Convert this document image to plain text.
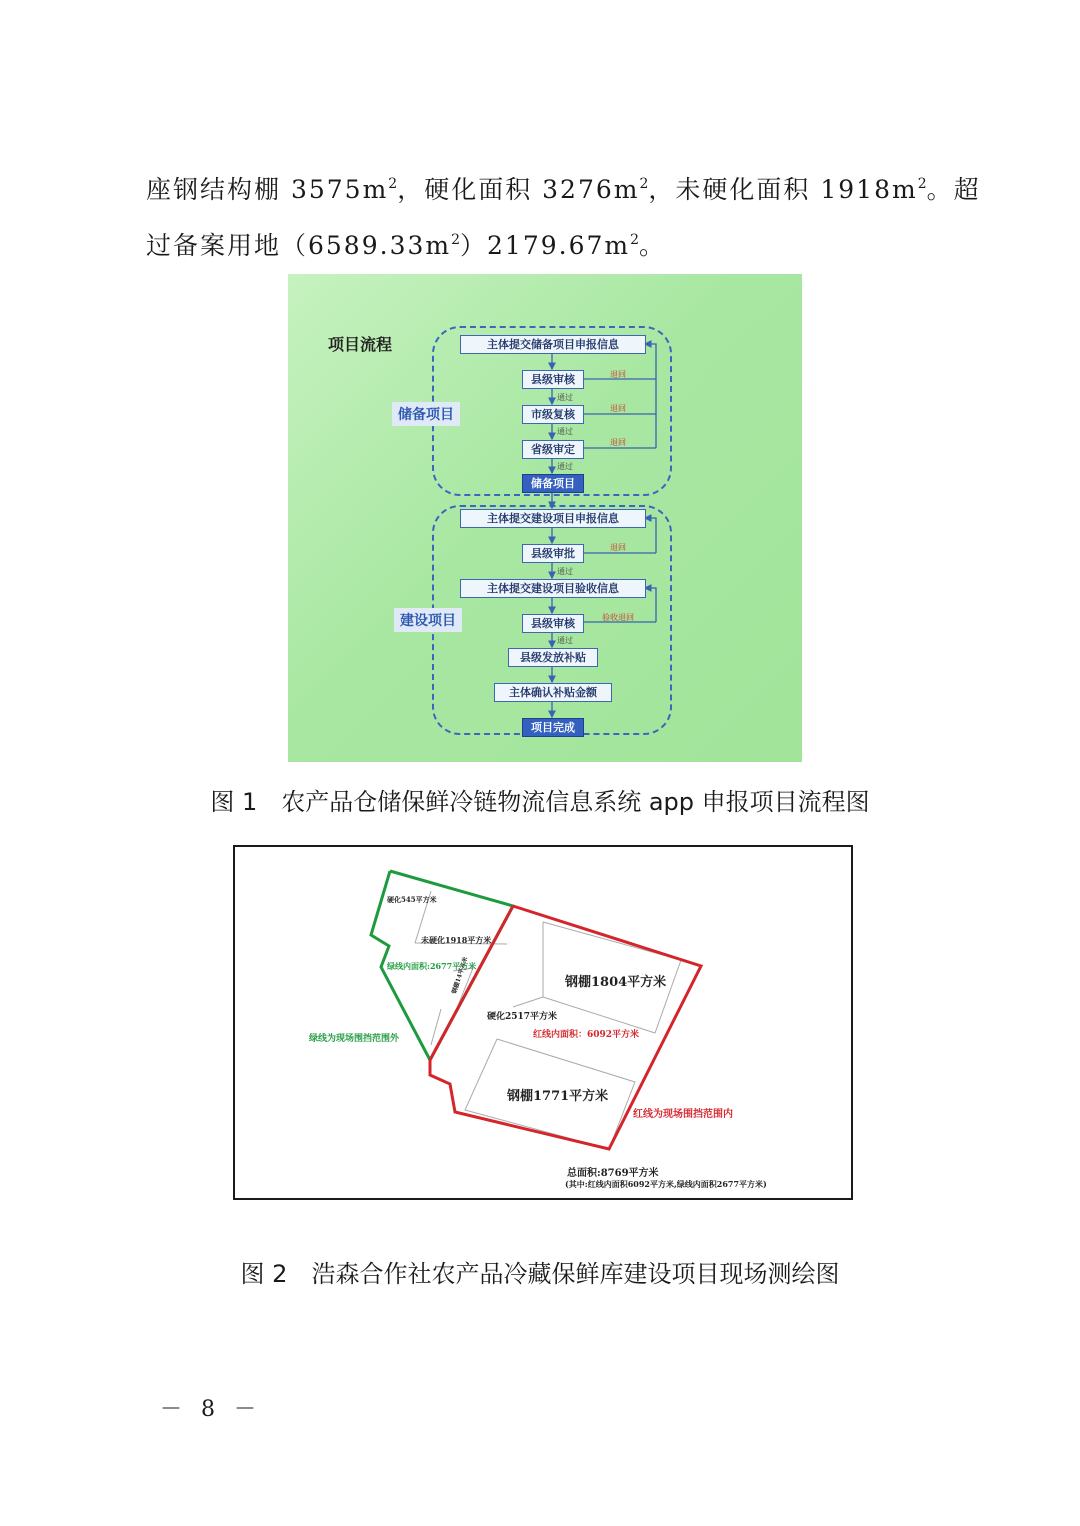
座钢结构棚 $3575m^2$，硬化面积 $3276m^2$，未硬化面积 $1918m^2$。超
过备案用地$(6589.33m^2)2179.67m^2$。
项目流程
储备项目
建设项目
主体提交储备项目申报信息
县级审核
市级复核
省级审定
储备项目
主体提交建设项目申报信息
县级审批
主体提交建设项目验收信息
县级审核
县级发放补贴
主体确认补贴金额
项目完成
通过
通过
通过
通过
通过
退回
退回
退回
退回
验收退回
图 1　农产品仓储保鲜冷链物流信息系统 app 申报项目流程图
硬化545平方米
未硬化1918平方米
绿线内面积:2677平方米
钢棚14平方米
绿线为现场围挡范围外
钢棚1804平方米
硬化2517平方米
红线内面积：6092平方米
钢棚1771平方米
红线为现场围挡范围内
总面积:8769平方米
(其中:红线内面积6092平方米,绿线内面积2677平方米)
图 2　浩森合作社农产品冷藏保鲜库建设项目现场测绘图
－ 8 －
